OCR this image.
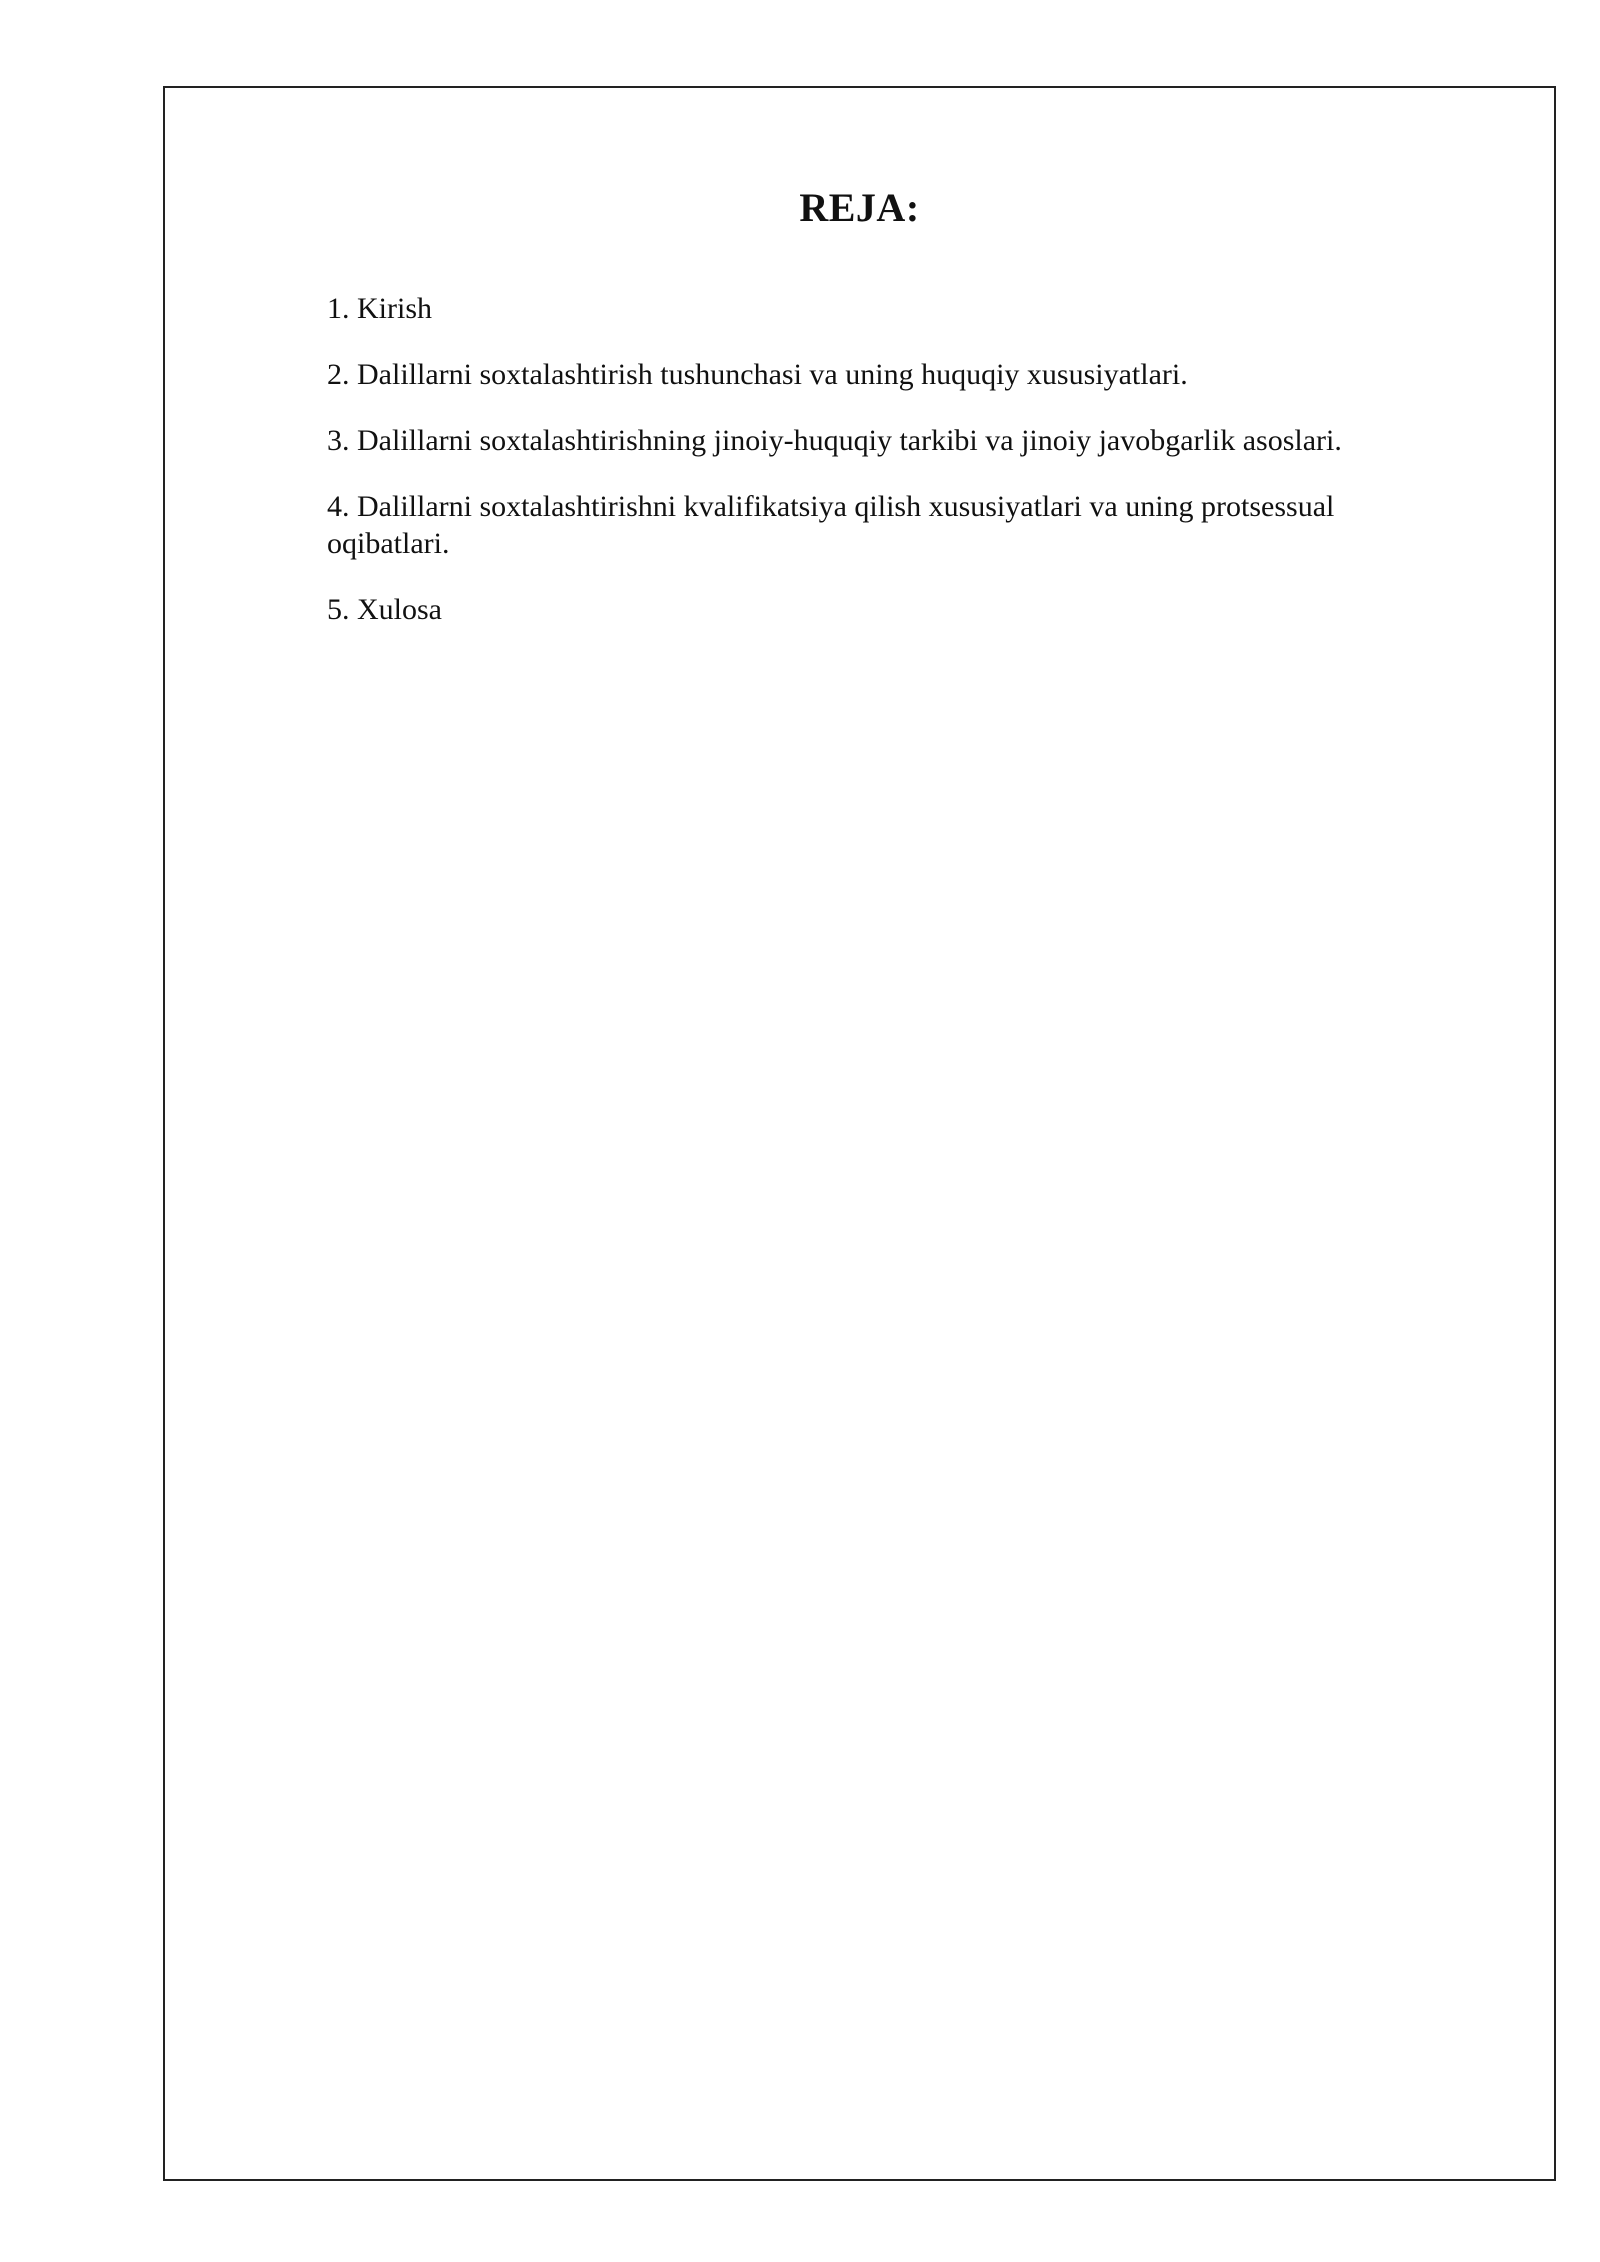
REJA:
1. Kirish
2. Dalillarni soxtalashtirish tushunchasi va uning huquqiy xususiyatlari.
3. Dalillarni soxtalashtirishning jinoiy-huquqiy tarkibi va jinoiy javobgarlik asoslari.
4. Dalillarni soxtalashtirishni kvalifikatsiya qilish xususiyatlari va uning protsessual oqibatlari.
5. Xulosa
